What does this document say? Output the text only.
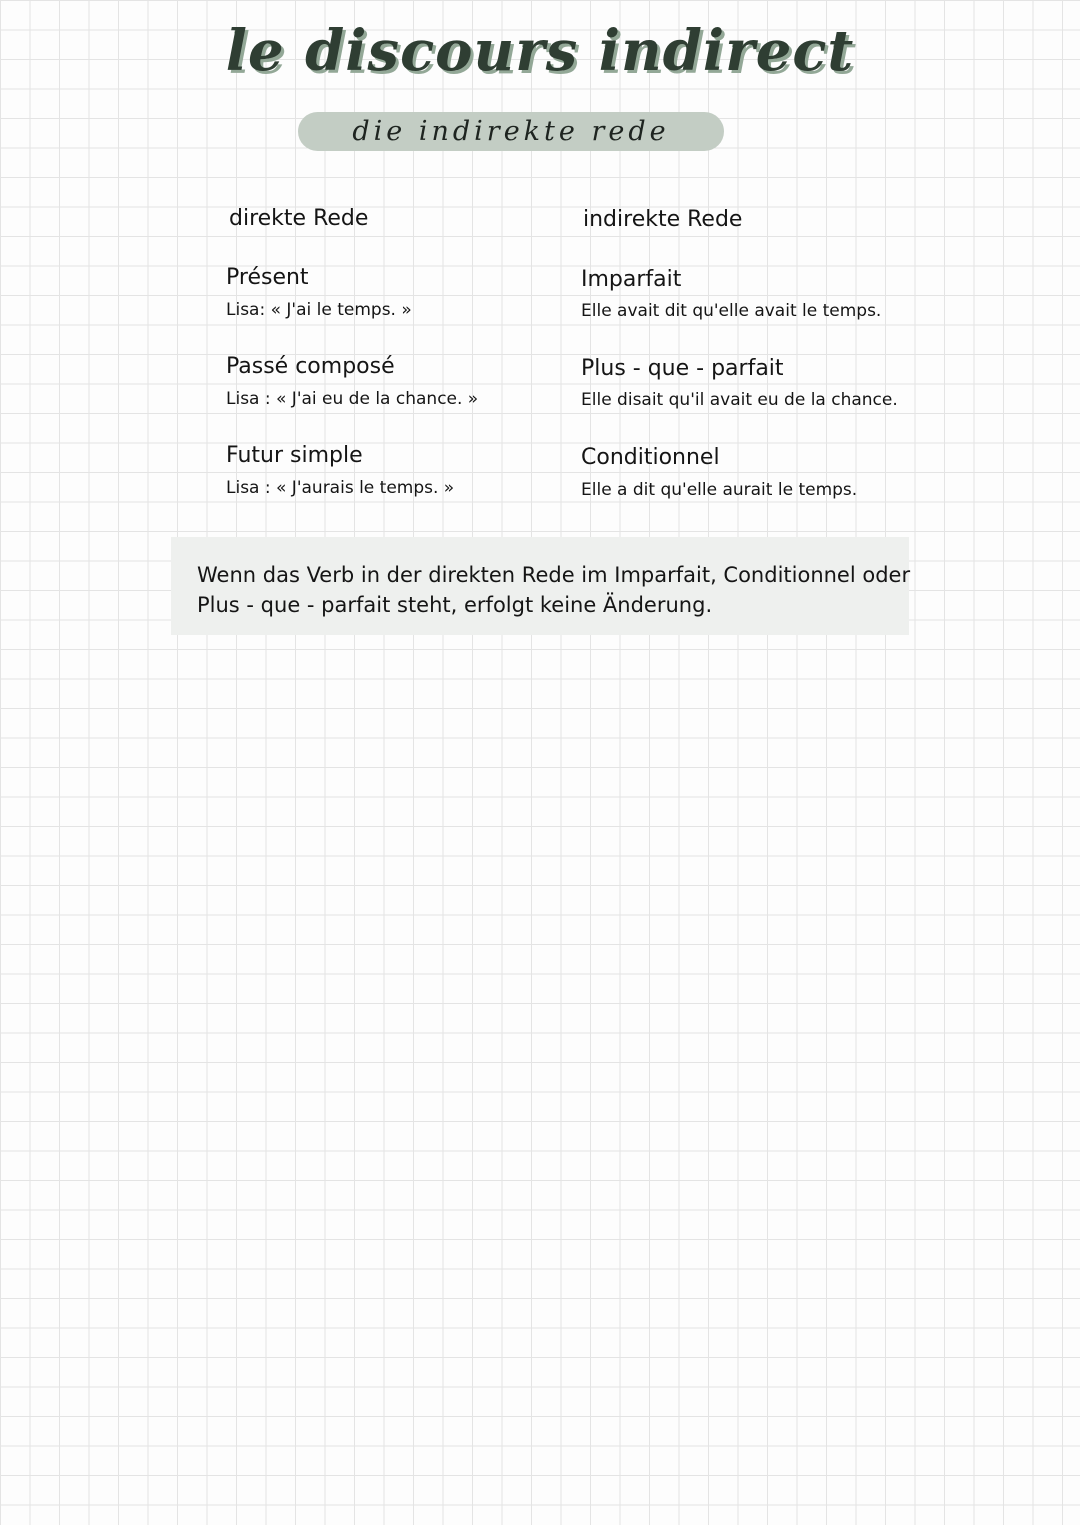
le discours indirect
die indirekte rede
direkte Rede	indirekte Rede
Présent
Lisa: « J'ai le temps. »
Imparfait
Elle avait dit qu'elle avait le temps.
Passé composé
Lisa : « J'ai eu de la chance. »
Plus - que - parfait
Elle disait qu'il avait eu de la chance.
Futur simple
Lisa : « J'aurais le temps. »
Conditionnel
Elle a dit qu'elle aurait le temps.
Wenn das Verb in der direkten Rede im Imparfait, Conditionnel oder
Plus - que - parfait steht, erfolgt keine Änderung.
